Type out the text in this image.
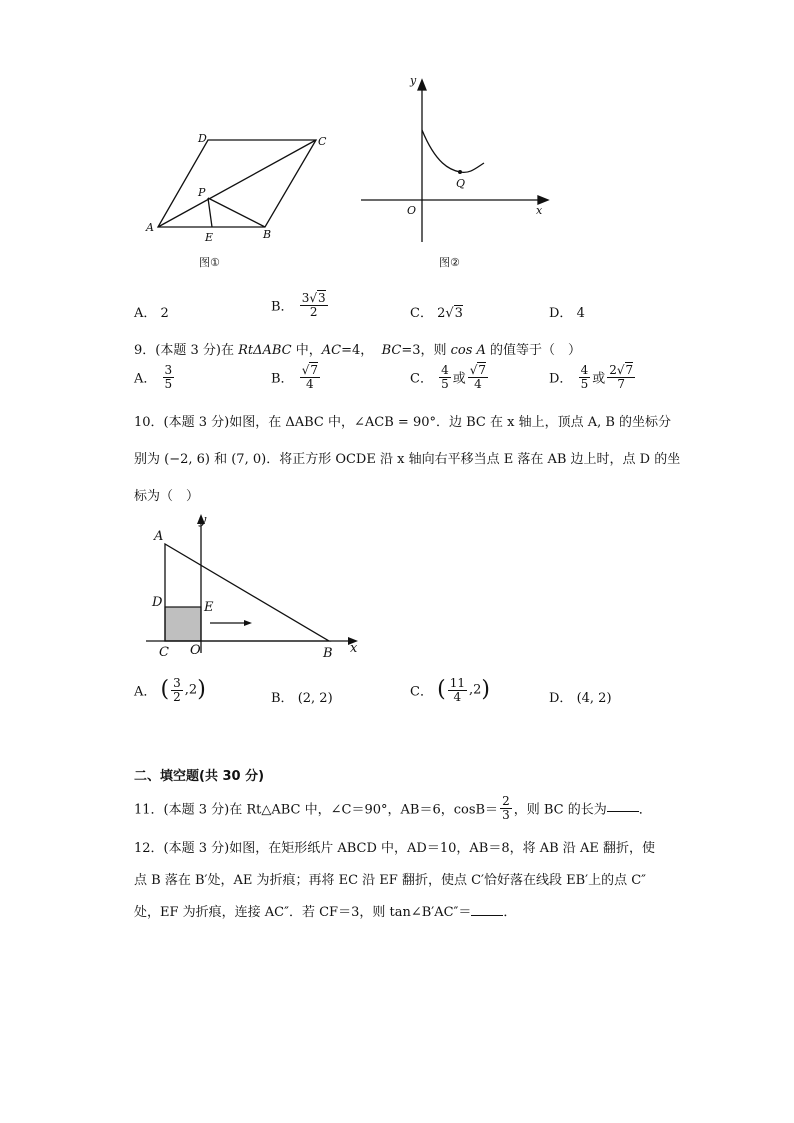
A
B
C
D
P
E
图①
y
x
O
Q
图②
A． 2	B． $\frac{3√3}{2}$	C． 2√3	D． 4
9．(本题 3 分)在 RtΔABC 中，AC=4， BC=3，则 cos A 的值等于（　）
A． $\frac{3}{5}$	B． $\frac{√7}{4}$	C． $\frac{4}{5}$ 或 $\frac{√7}{4}$	D． $\frac{4}{5}$ 或 $\frac{2√7}{7}$
10．(本题 3 分)如图，在 ΔABC 中，∠ACB = 90°．边 BC 在 x 轴上，顶点 A, B 的坐标分
别为 (−2, 6) 和 (7, 0)．将正方形 OCDE 沿 x 轴向右平移当点 E 落在 AB 边上时，点 D 的坐
标为（　）
A
D	E
C O	B x
y
A． ( $\frac{3}{2} ,2$)	B． (2, 2)	C． ( $\frac{11}{4} ,2$)	D． (4, 2)
二、填空题(共 30 分)
11．(本题 3 分)在 Rt△ABC 中，∠C＝90°，AB＝6，$\cos B= \frac{2}{3}$ ，则 BC 的长为 ．
12．(本题 3 分)如图，在矩形纸片 ABCD 中，AD＝10，AB＝8，将 AB 沿 AE 翻折，使
点 B 落在 B′处，AE 为折痕；再将 EC 沿 EF 翻折，使点 C′恰好落在线段 EB′上的点 C″
处，EF 为折痕，连接 AC″．若 CF＝3，则 tan∠B′AC″＝ ．
